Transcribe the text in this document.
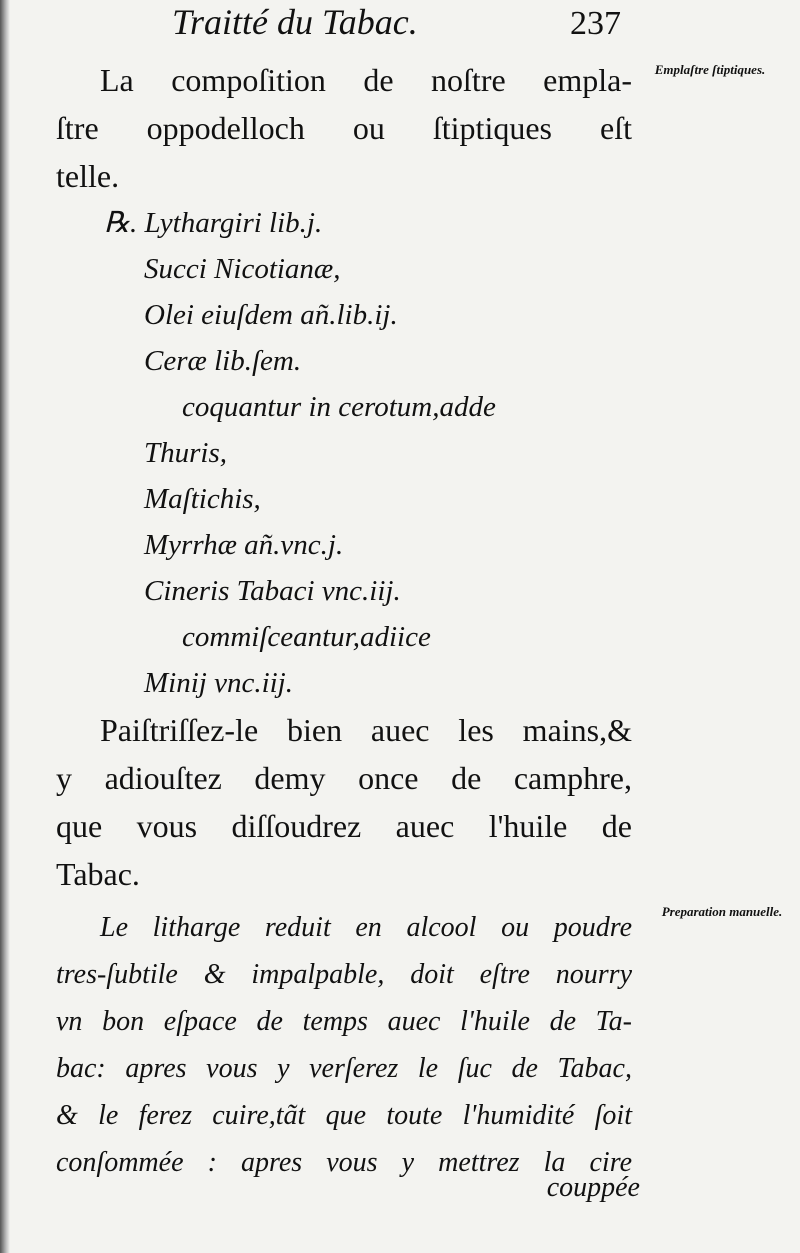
Traitté du Tabac.	237
Emplaſtre ſtiptiques.
Preparation manuelle.
La compoſition de noſtre empla-
ſtre oppodelloch ou ſtiptiques eſt
telle.
℞. Lythargiri lib.j.
Succi Nicotianæ,
Olei eiuſdem añ.lib.ij.
Ceræ lib.ſem.
coquantur in cerotum,adde
Thuris,
Maſtichis,
Myrrhæ añ.vnc.j.
Cineris Tabaci vnc.iij.
commiſceantur,adiice
Minij vnc.iij.
Paiſtriſſez-le bien auec les mains,&
y adiouſtez demy once de camphre,
que vous diſſoudrez auec l'huile de
Tabac.
Le litharge reduit en alcool ou poudre
tres-ſubtile & impalpable, doit eſtre nourry
vn bon eſpace de temps auec l'huile de Ta-
bac: apres vous y verſerez le ſuc de Tabac,
& le ferez cuire,tãt que toute l'humidité ſoit
conſommée : apres vous y mettrez la cire
couppée
